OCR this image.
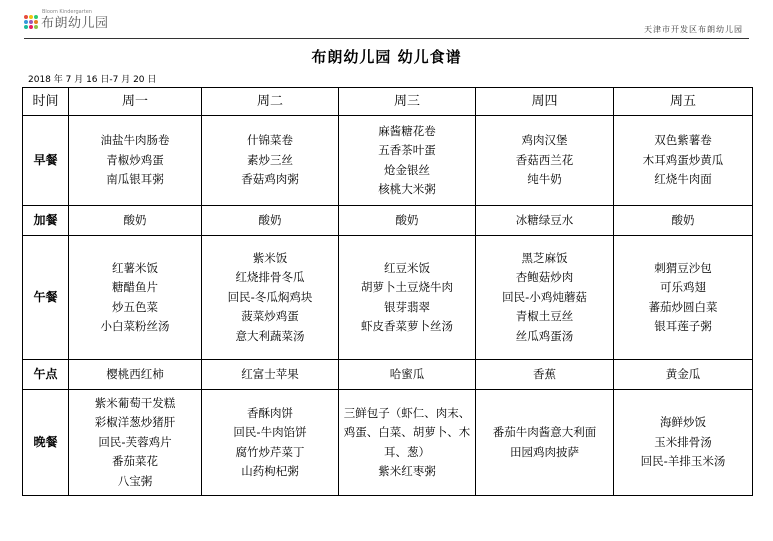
布朗幼儿园
Bloom Kindergarten
天津市开发区布朗幼儿园
布朗幼儿园 幼儿食谱
2018 年 7 月 16 日-7 月 20 日
时间	周一	周二	周三	周四	周五
早餐	油盐牛肉肠卷
青椒炒鸡蛋
南瓜银耳粥	什锦菜卷
素炒三丝
香菇鸡肉粥	麻酱糖花卷
五香茶叶蛋
炝金银丝
核桃大米粥	鸡肉汉堡
香菇西兰花
纯牛奶	双色紫薯卷
木耳鸡蛋炒黄瓜
红烧牛肉面

加餐	酸奶	酸奶	酸奶	冰糖绿豆水	酸奶

午餐	红薯米饭
糖醋鱼片
炒五色菜
小白菜粉丝汤	紫米饭
红烧排骨冬瓜
回民-冬瓜焖鸡块
菠菜炒鸡蛋
意大利蔬菜汤	红豆米饭
胡萝卜土豆烧牛肉
银芽翡翠
虾皮香菜萝卜丝汤	黑芝麻饭
杏鲍菇炒肉
回民-小鸡炖蘑菇
青椒土豆丝
丝瓜鸡蛋汤	刺猬豆沙包
可乐鸡翅
蕃茄炒圆白菜
银耳莲子粥

午点	樱桃西红柿	红富士苹果	哈蜜瓜	香蕉	黄金瓜

晚餐	紫米葡萄干发糕
彩椒洋葱炒猪肝
回民-芙蓉鸡片
番茄菜花
八宝粥	香酥肉饼
回民-牛肉馅饼
腐竹炒芹菜丁
山药枸杞粥	三鲜包子（虾仁、肉末、
鸡蛋、白菜、胡萝卜、木
耳、葱）
紫米红枣粥	番茄牛肉酱意大利面
田园鸡肉披萨	海鲜炒饭
玉米排骨汤
回民-羊排玉米汤
